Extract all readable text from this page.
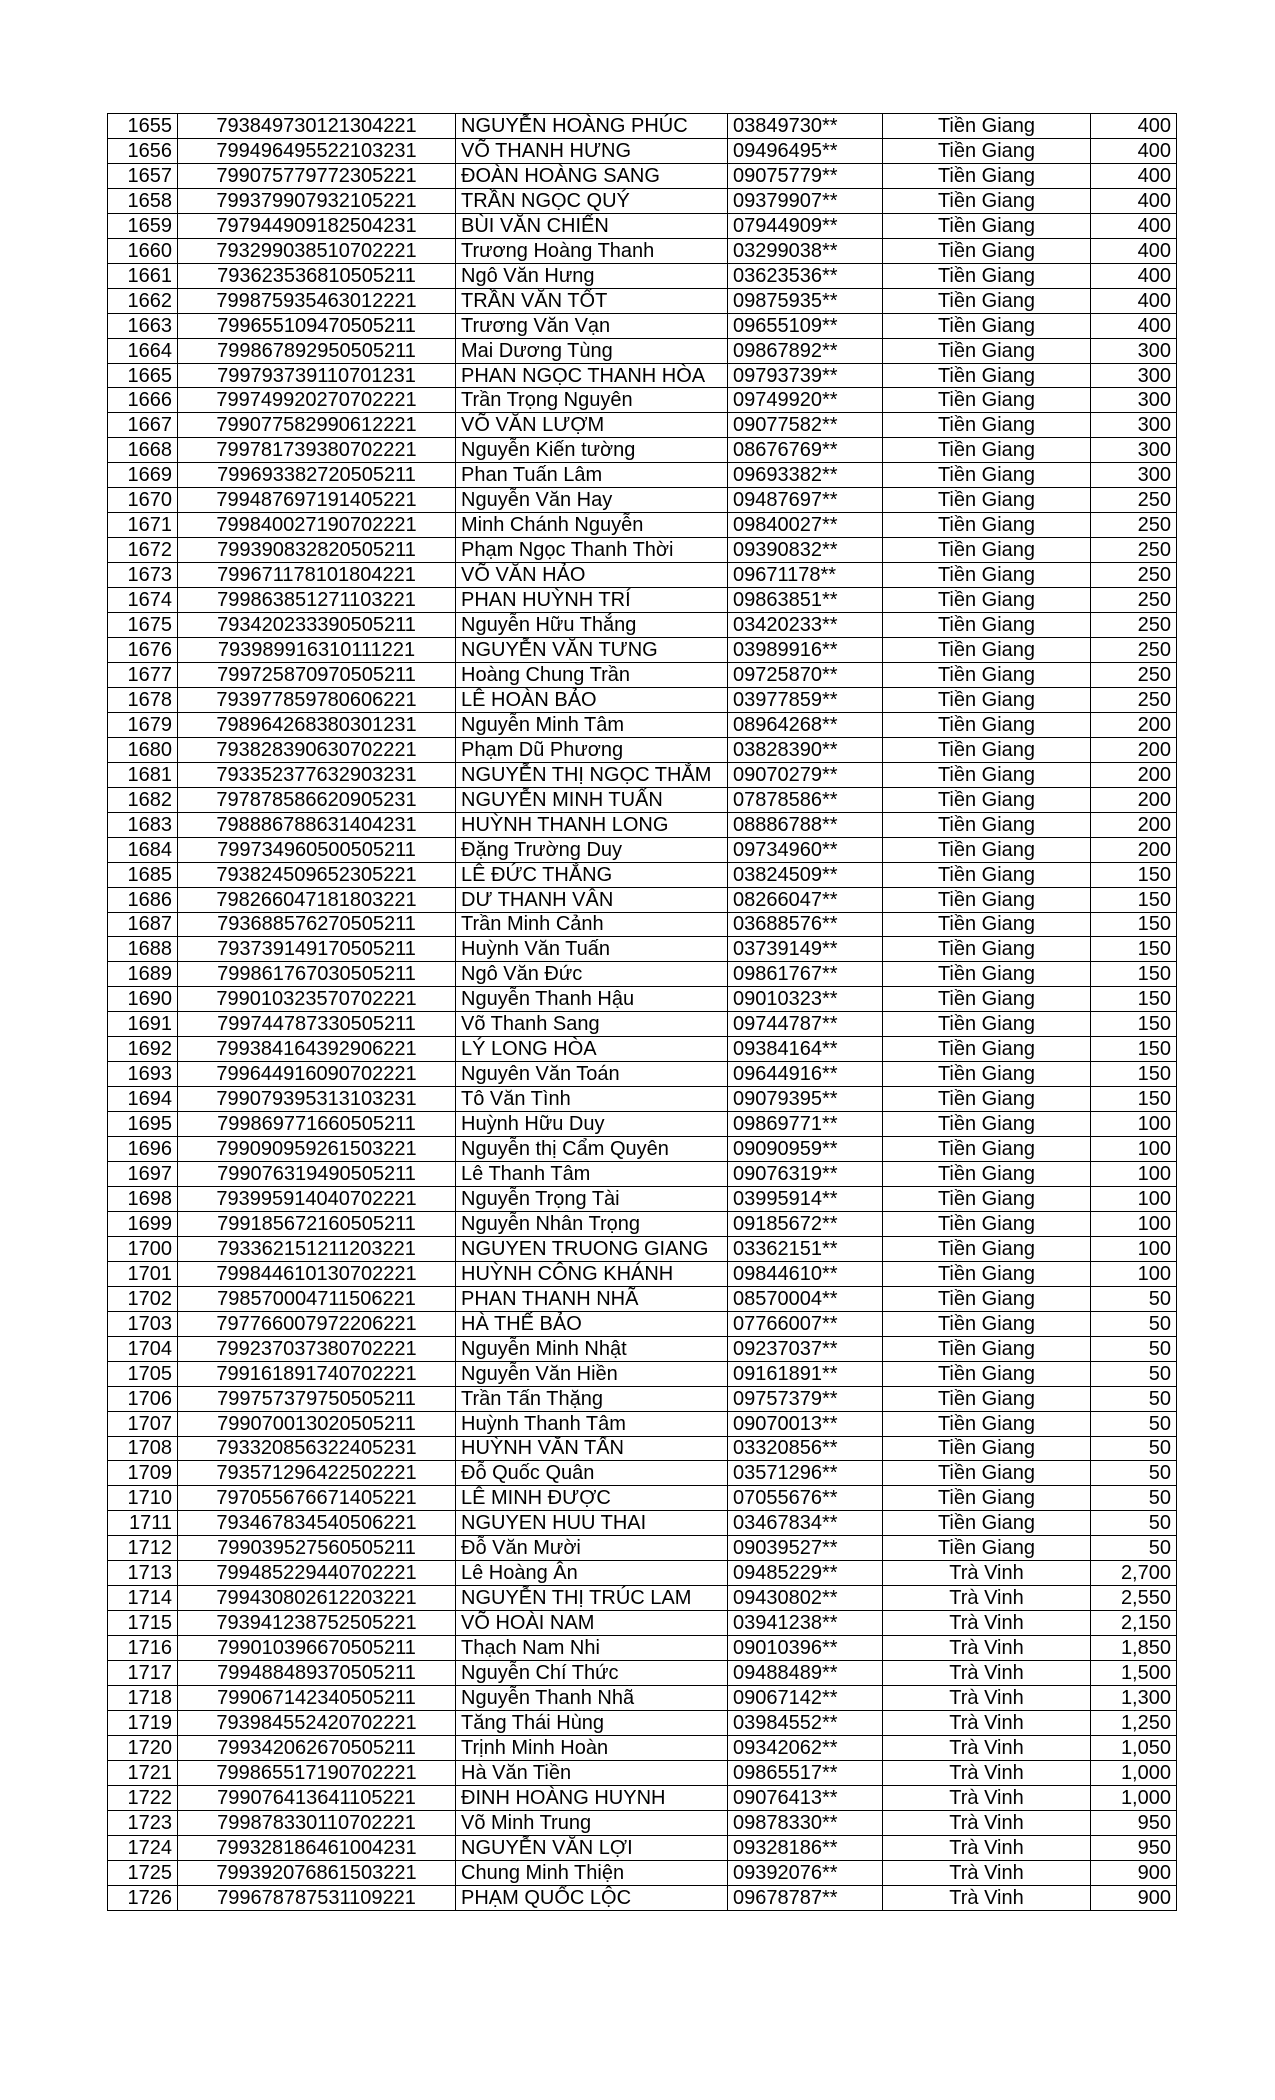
1655	793849730121304221	NGUYỄN HOÀNG PHÚC	03849730**	Tiền Giang	400
1656	799496495522103231	VÕ THANH HƯNG	09496495**	Tiền Giang	400
1657	799075779772305221	ĐOÀN HOÀNG SANG	09075779**	Tiền Giang	400
1658	799379907932105221	TRẦN NGỌC QUÝ	09379907**	Tiền Giang	400
1659	797944909182504231	BÙI VĂN CHIẾN	07944909**	Tiền Giang	400
1660	793299038510702221	Trương Hoàng Thanh	03299038**	Tiền Giang	400
1661	793623536810505211	Ngô Văn Hưng	03623536**	Tiền Giang	400
1662	799875935463012221	TRẦN VĂN TỐT	09875935**	Tiền Giang	400
1663	799655109470505211	Trương Văn Vạn	09655109**	Tiền Giang	400
1664	799867892950505211	Mai Dương Tùng	09867892**	Tiền Giang	300
1665	799793739110701231	PHAN NGỌC THANH HÒA	09793739**	Tiền Giang	300
1666	799749920270702221	Trần Trọng Nguyên	09749920**	Tiền Giang	300
1667	799077582990612221	VÕ VĂN LƯỢM	09077582**	Tiền Giang	300
1668	799781739380702221	Nguyễn Kiến tường	08676769**	Tiền Giang	300
1669	799693382720505211	Phan Tuấn Lâm	09693382**	Tiền Giang	300
1670	799487697191405221	Nguyễn Văn Hay	09487697**	Tiền Giang	250
1671	799840027190702221	Minh Chánh Nguyễn	09840027**	Tiền Giang	250
1672	799390832820505211	Phạm Ngọc Thanh Thời	09390832**	Tiền Giang	250
1673	799671178101804221	VÕ VĂN HẢO	09671178**	Tiền Giang	250
1674	799863851271103221	PHAN HUỲNH TRÍ	09863851**	Tiền Giang	250
1675	793420233390505211	Nguyễn Hữu Thắng	03420233**	Tiền Giang	250
1676	793989916310111221	NGUYỄN VĂN TƯNG	03989916**	Tiền Giang	250
1677	799725870970505211	Hoàng Chung Trần	09725870**	Tiền Giang	250
1678	793977859780606221	LÊ HOÀN BẢO	03977859**	Tiền Giang	250
1679	798964268380301231	Nguyễn Minh Tâm	08964268**	Tiền Giang	200
1680	793828390630702221	Phạm Dũ Phương	03828390**	Tiền Giang	200
1681	793352377632903231	NGUYỄN THỊ NGỌC THẮM	09070279**	Tiền Giang	200
1682	797878586620905231	NGUYỄN MINH TUẤN	07878586**	Tiền Giang	200
1683	798886788631404231	HUỲNH THANH LONG	08886788**	Tiền Giang	200
1684	799734960500505211	Đặng Trường Duy	09734960**	Tiền Giang	200
1685	793824509652305221	LÊ ĐỨC THẮNG	03824509**	Tiền Giang	150
1686	798266047181803221	DƯ THANH VÂN	08266047**	Tiền Giang	150
1687	793688576270505211	Trần Minh Cảnh	03688576**	Tiền Giang	150
1688	793739149170505211	Huỳnh Văn Tuấn	03739149**	Tiền Giang	150
1689	799861767030505211	Ngô Văn Đức	09861767**	Tiền Giang	150
1690	799010323570702221	Nguyễn Thanh Hậu	09010323**	Tiền Giang	150
1691	799744787330505211	Võ Thanh Sang	09744787**	Tiền Giang	150
1692	799384164392906221	LÝ LONG HÒA	09384164**	Tiền Giang	150
1693	799644916090702221	Nguyên Văn Toán	09644916**	Tiền Giang	150
1694	799079395313103231	Tô Văn Tình	09079395**	Tiền Giang	150
1695	799869771660505211	Huỳnh Hữu Duy	09869771**	Tiền Giang	100
1696	799090959261503221	Nguyễn thị Cẩm Quyên	09090959**	Tiền Giang	100
1697	799076319490505211	Lê Thanh Tâm	09076319**	Tiền Giang	100
1698	793995914040702221	Nguyễn Trọng Tài	03995914**	Tiền Giang	100
1699	799185672160505211	Nguyễn Nhân Trọng	09185672**	Tiền Giang	100
1700	793362151211203221	NGUYEN TRUONG GIANG	03362151**	Tiền Giang	100
1701	799844610130702221	HUỲNH CÔNG KHÁNH	09844610**	Tiền Giang	100
1702	798570004711506221	PHAN THANH NHÃ	08570004**	Tiền Giang	50
1703	797766007972206221	HÀ THẾ BẢO	07766007**	Tiền Giang	50
1704	799237037380702221	Nguyễn Minh Nhật	09237037**	Tiền Giang	50
1705	799161891740702221	Nguyễn Văn Hiền	09161891**	Tiền Giang	50
1706	799757379750505211	Trần Tấn Thặng	09757379**	Tiền Giang	50
1707	799070013020505211	Huỳnh Thanh Tâm	09070013**	Tiền Giang	50
1708	793320856322405231	HUỲNH VĂN TẤN	03320856**	Tiền Giang	50
1709	793571296422502221	Đỗ Quốc Quân	03571296**	Tiền Giang	50
1710	797055676671405221	LÊ MINH ĐƯỢC	07055676**	Tiền Giang	50
1711	793467834540506221	NGUYEN HUU THAI	03467834**	Tiền Giang	50
1712	799039527560505211	Đỗ Văn Mười	09039527**	Tiền Giang	50
1713	799485229440702221	Lê Hoàng Ân	09485229**	Trà Vinh	2,700
1714	799430802612203221	NGUYỄN THỊ TRÚC LAM	09430802**	Trà Vinh	2,550
1715	793941238752505221	VÕ HOÀI NAM	03941238**	Trà Vinh	2,150
1716	799010396670505211	Thạch Nam Nhi	09010396**	Trà Vinh	1,850
1717	799488489370505211	Nguyễn Chí Thức	09488489**	Trà Vinh	1,500
1718	799067142340505211	Nguyễn Thanh Nhã	09067142**	Trà Vinh	1,300
1719	793984552420702221	Tăng Thái Hùng	03984552**	Trà Vinh	1,250
1720	799342062670505211	Trịnh Minh Hoàn	09342062**	Trà Vinh	1,050
1721	799865517190702221	Hà Văn Tiền	09865517**	Trà Vinh	1,000
1722	799076413641105221	ĐINH HOÀNG HUYNH	09076413**	Trà Vinh	1,000
1723	799878330110702221	Võ Minh Trung	09878330**	Trà Vinh	950
1724	799328186461004231	NGUYỄN VĂN LỢI	09328186**	Trà Vinh	950
1725	799392076861503221	Chung Minh Thiện	09392076**	Trà Vinh	900
1726	799678787531109221	PHẠM QUỐC LỘC	09678787**	Trà Vinh	900
